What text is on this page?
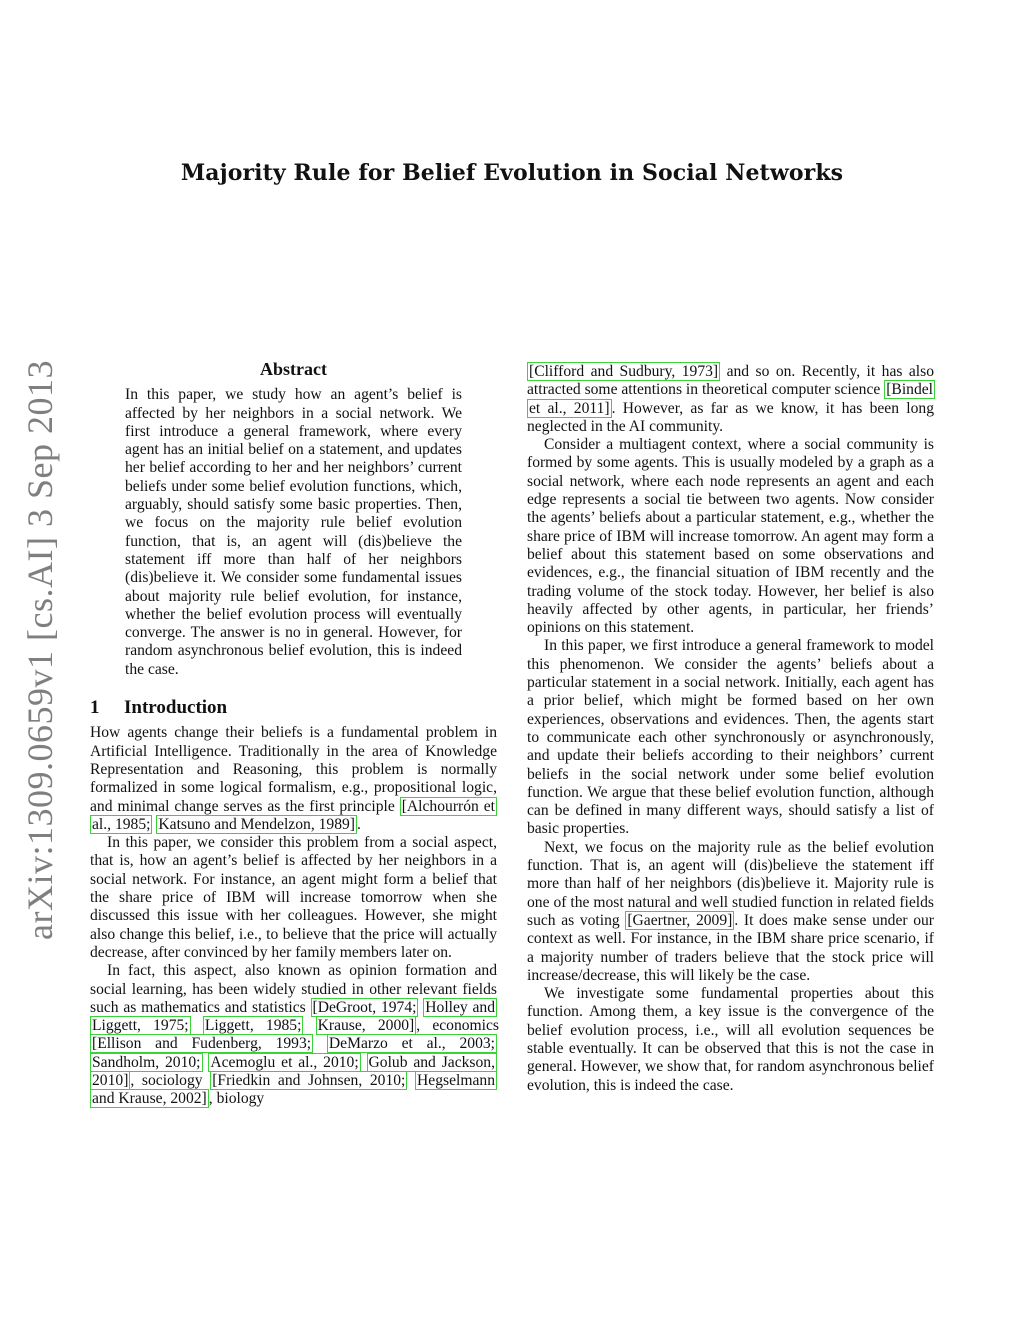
Majority Rule for Belief Evolution in Social Networks
arXiv:1309.0659v1 [cs.AI] 3 Sep 2013	Abstract

In this paper, we study how an agent’s belief is affected by her neighbors in a social network. We first introduce a general framework, where every agent has an initial belief on a statement, and updates her belief according to her and her neighbors’ current beliefs under some belief evolution functions, which, arguably, should satisfy some basic properties. Then, we focus on the majority rule belief evolution function, that is, an agent will (dis)believe the statement iff more than half of her neighbors (dis)believe it. We consider some fundamental issues about majority rule belief evolution, for instance, whether the belief evolution process will eventually converge. The answer is no in general. However, for random asynchronous belief evolution, this is indeed the case.

1 Introduction

How agents change their beliefs is a fundamental problem in Artificial Intelligence. Traditionally in the area of Knowledge Representation and Reasoning, this problem is normally formalized in some logical formalism, e.g., propositional logic, and minimal change serves as the first principle [Alchourrón et al., 1985; Katsuno and Mendelzon, 1989] .

In this paper, we consider this problem from a social aspect, that is, how an agent’s belief is affected by her neighbors in a social network. For instance, an agent might form a belief that the share price of IBM will increase tomorrow when she discussed this issue with her colleagues. However, she might also change this belief, i.e., to believe that the price will actually decrease, after convinced by her family members later on.

In fact, this aspect, also known as opinion formation and social learning, has been widely studied in other relevant fields such as mathematics and statistics [DeGroot, 1974; Holley and Liggett, 1975; Liggett, 1985; Krause, 2000] , economics [Ellison and Fudenberg, 1993; DeMarzo et al., 2003; Sandholm, 2010; Acemoglu et al., 2010; Golub and Jackson, 2010] , sociology [Friedkin and Johnsen, 2010; Hegselmann and Krause, 2002] , biology

[Clifford and Sudbury, 1973] and so on. Recently, it has also attracted some attentions in theoretical computer science [Bindel et al., 2011] . However, as far as we know, it has been long neglected in the AI community.

Consider a multiagent context, where a social community is formed by some agents. This is usually modeled by a graph as a social network, where each node represents an agent and each edge represents a social tie between two agents. Now consider the agents’ beliefs about a particular statement, e.g., whether the share price of IBM will increase tomorrow. An agent may form a belief about this statement based on some observations and evidences, e.g., the financial situation of IBM recently and the trading volume of the stock today. However, her belief is also heavily affected by other agents, in particular, her friends’ opinions on this statement.

In this paper, we first introduce a general framework to model this phenomenon. We consider the agents’ beliefs about a particular statement in a social network. Initially, each agent has a prior belief, which might be formed based on her own experiences, observations and evidences. Then, the agents start to communicate each other synchronously or asynchronously, and update their beliefs according to their neighbors’ current beliefs in the social network under some belief evolution function. We argue that these belief evolution function, although can be defined in many different ways, should satisfy a list of basic properties.

Next, we focus on the majority rule as the belief evolution function. That is, an agent will (dis)believe the statement iff more than half of her neighbors (dis)believe it. Majority rule is one of the most natural and well studied function in related fields such as voting [Gaertner, 2009] . It does make sense under our context as well. For instance, in the IBM share price scenario, if a majority number of traders believe that the stock price will increase/decrease, this will likely be the case.

We investigate some fundamental properties about this function. Among them, a key issue is the convergence of the belief evolution process, i.e., will all evolution sequences be stable eventually. It can be observed that this is not the case in general. However, we show that, for random asynchronous belief evolution, this is indeed the case.
